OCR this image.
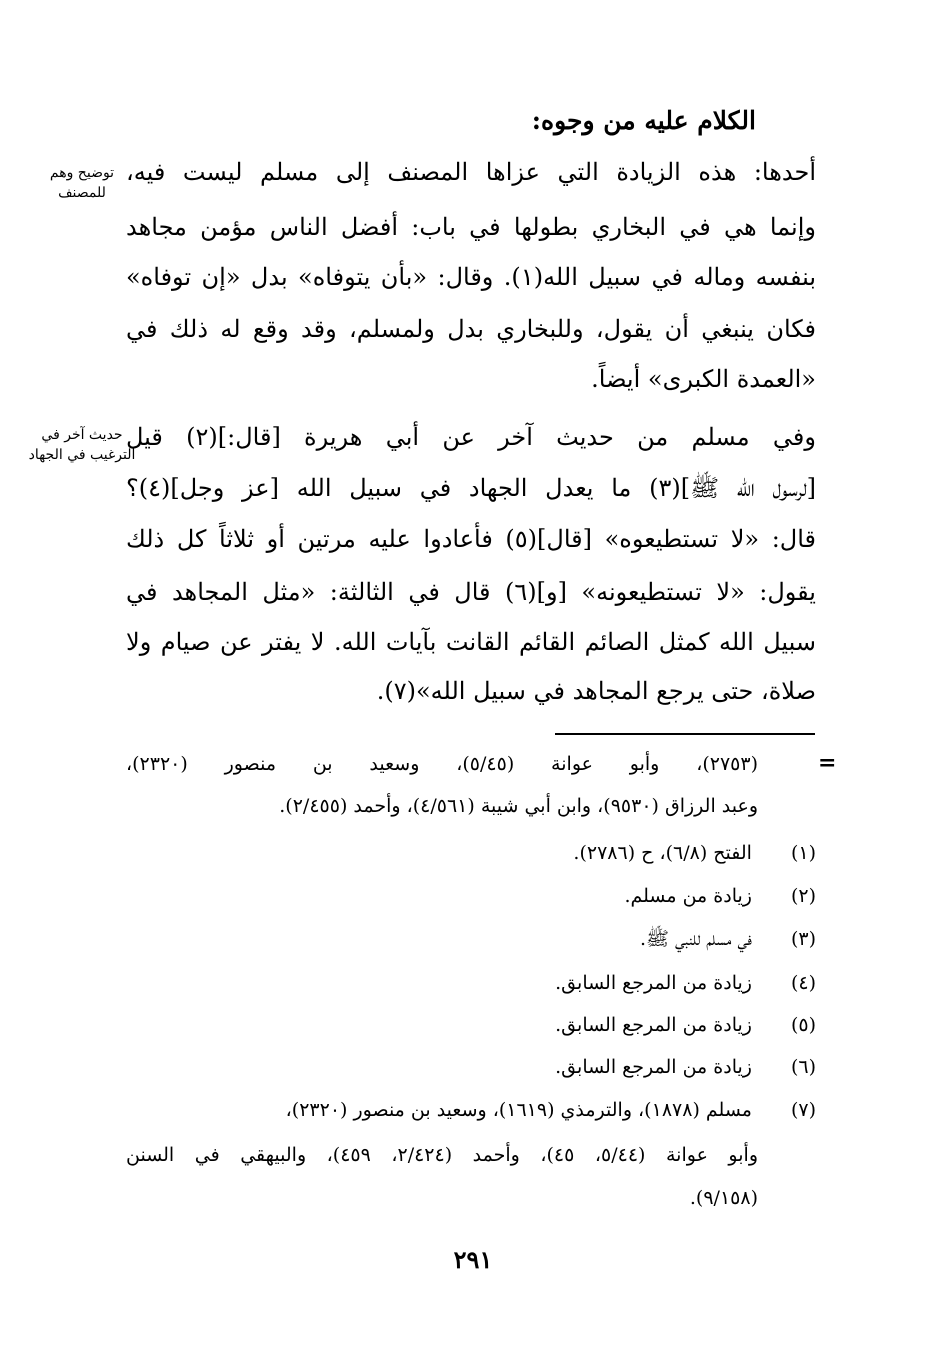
الكلام عليه من وجوه:
توضيح وهم للمصنف
حديث آخر في الترغيب في الجهاد
أحدها: هذه الزيادة التي عزاها المصنف إلى مسلم ليست فيه،
وإنما هي في البخاري بطولها في باب: أفضل الناس مؤمن مجاهد
بنفسه وماله في سبيل الله(١). وقال: «بأن يتوفاه» بدل «إن توفاه»
فكان ينبغي أن يقول، وللبخاري بدل ولمسلم، وقد وقع له ذلك في
«العمدة الكبرى» أيضاً.
وفي مسلم من حديث آخر عن أبي هريرة [قال:](٢) قيل
[لرسول الله ﷺ](٣) ما يعدل الجهاد في سبيل الله [عز وجل](٤)؟
قال: «لا تستطيعوه» [قال](٥) فأعادوا عليه مرتين أو ثلاثاً كل ذلك
يقول: «لا تستطيعونه» [و](٦) قال في الثالثة: «مثل المجاهد في
سبيل الله كمثل الصائم القائم القانت بآيات الله. لا يفتر عن صيام ولا
صلاة، حتى يرجع المجاهد في سبيل الله»(٧).
=
(٢٧٥٣)، وأبو عوانة (٥/٤٥)، وسعيد بن منصور (٢٣٢٠)،
وعبد الرزاق (٩٥٣٠)، وابن أبي شيبة (٤/٥٦١)، وأحمد (٢/٤٥٥).
(١) الفتح (٦/٨)، ح (٢٧٨٦).
(٢) زيادة من مسلم.
(٣) في مسلم للنبي ﷺ.
(٤) زيادة من المرجع السابق.
(٥) زيادة من المرجع السابق.
(٦) زيادة من المرجع السابق.
(٧) مسلم (١٨٧٨)، والترمذي (١٦١٩)، وسعيد بن منصور (٢٣٢٠)،
وأبو عوانة (٥/٤٤، ٤٥)، وأحمد (٢/٤٢٤، ٤٥٩)، والبيهقي في السنن
(٩/١٥٨).
٢٩١
